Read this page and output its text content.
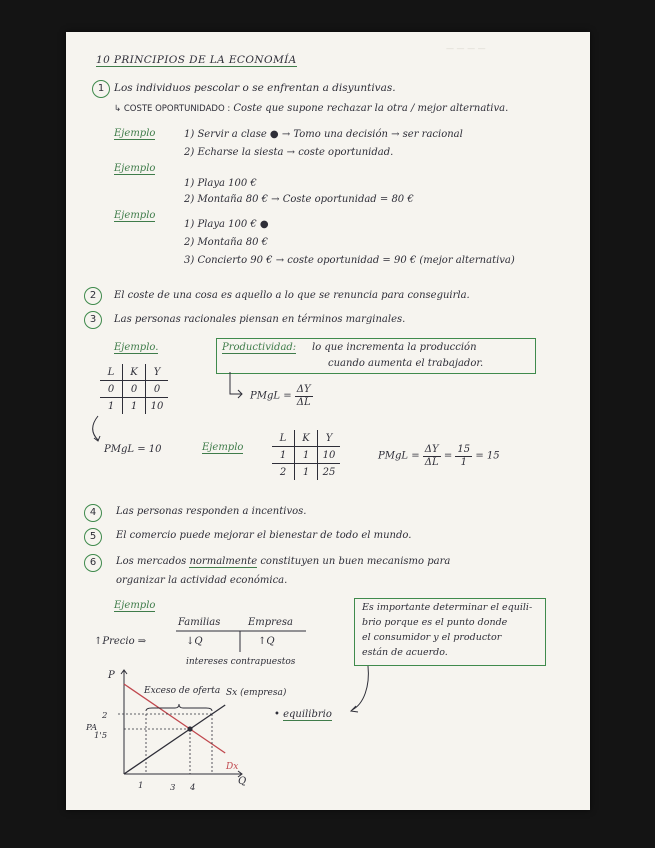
— — — —
10 PRINCIPIOS DE LA ECONOMÍA
1 Los individuos pescolar o se enfrentan a disyuntivas.
↳ COSTE OPORTUNIDADO : Coste que supone rechazar la otra / mejor alternativa.
Ejemplo	1) Servir a clase ● → Tomo una decisión → ser racional
2) Echarse la siesta → coste oportunidad.
Ejemplo
1) Playa 100 €
2) Montaña 80 € → Coste oportunidad = 80 €
Ejemplo
1) Playa 100 € ●
2) Montaña 80 €
3) Concierto 90 € → coste oportunidad = 90 € (mejor alternativa)
2	El coste de una cosa es aquello a lo que se renuncia para conseguirla.
3	Las personas racionales piensan en términos marginales.
Ejemplo.
L	K	Y
0	0	0
1	1	10
Productividad: lo que incrementa la producción
cuando aumenta el trabajador.
PMgL = $\frac{\Delta Y}{\Delta L}$
PMgL = 10	Ejemplo
L	K	Y
1	1	10
2	1	25
PMgL = $\frac{\Delta Y}{\Delta L} = \frac{15}{1} = 15$
4	Las personas responden a incentivos.
5	El comercio puede mejorar el bienestar de todo el mundo.
6	Los mercados normalmente constituyen un buen mecanismo para
organizar la actividad económica.
Ejemplo
Familias	Empresa
↑Precio ⇒	↓Q	↑Q
intereses contrapuestos
Es importante determinar el equili-
brio porque es el punto donde
el consumidor y el productor
están de acuerdo.
• equilibrio
P
Q
Exceso de oferta Sx (empresa)
Dx
PA
2
1'5
1	3 4
